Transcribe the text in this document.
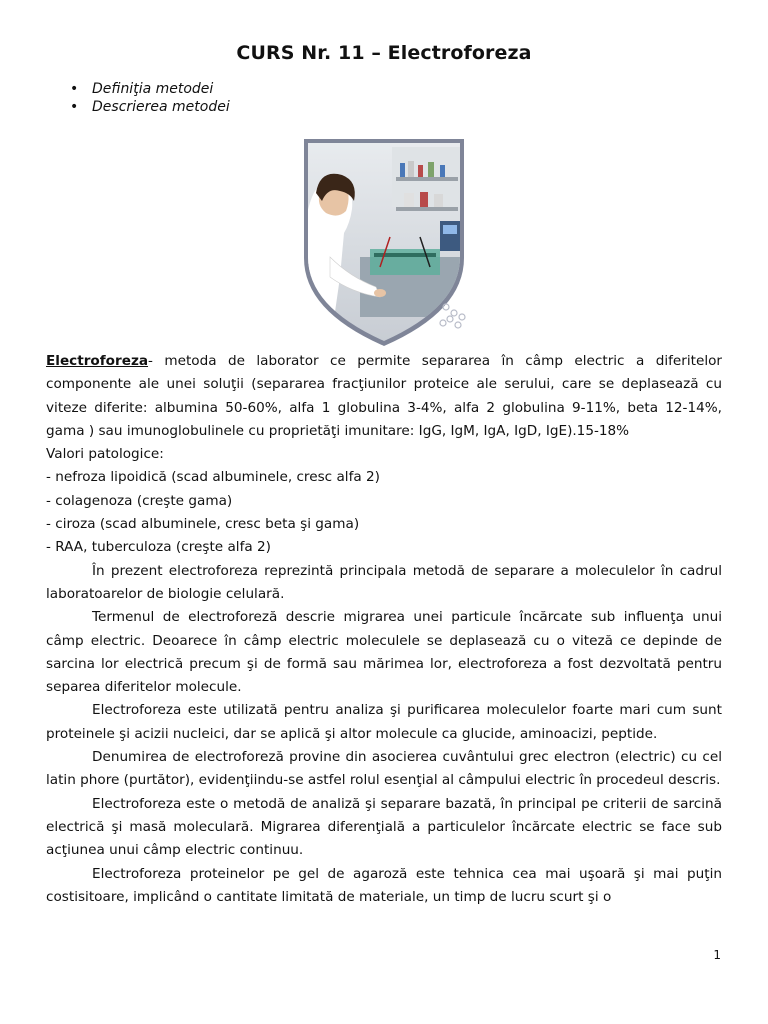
CURS Nr. 11 – Electroforeza
• Definiţia metodei
• Descrierea metodei

Electroforeza- metoda de laborator ce permite separarea în câmp electric a diferitelor componente ale unei soluţii (separarea fracţiunilor proteice ale serului, care se deplasează cu viteze diferite: albumina 50-60%, alfa 1 globulina 3-4%, alfa 2 globulina 9-11%, beta 12-14%, gama ) sau imunoglobulinele cu proprietăţi imunitare: IgG, IgM, IgA, IgD, IgE).15-18%

Valori patologice:

- nefroza lipoidică (scad albuminele, cresc alfa 2)

- colagenoza (creşte gama)

- ciroza (scad albuminele, cresc beta şi gama)

- RAA, tuberculoza (creşte alfa 2)

În prezent electroforeza reprezintă principala metodă de separare a moleculelor în cadrul laboratoarelor de biologie celulară.

Termenul de electroforeză descrie migrarea unei particule încărcate sub influenţa unui câmp electric. Deoarece în câmp electric moleculele se deplasează cu o viteză ce depinde de sarcina lor electrică precum şi de formă sau mărimea lor, electroforeza a fost dezvoltată pentru separea diferitelor molecule.

Electroforeza este utilizată pentru analiza şi purificarea moleculelor foarte mari cum sunt proteinele şi acizii nucleici, dar se aplică şi altor molecule ca glucide, aminoacizi, peptide.

Denumirea de electroforeză provine din asocierea cuvântului grec electron (electric) cu cel latin phore (purtător), evidenţiindu-se astfel rolul esenţial al câmpului electric în procedeul descris.

Electroforeza este o metodă de analiză şi separare bazată, în principal pe criterii de sarcină electrică şi masă moleculară. Migrarea diferenţială a particulelor încărcate electric se face sub acţiunea unui câmp electric continuu.

Electroforeza proteinelor pe gel de agaroză este tehnica cea mai uşoară şi mai puţin costisitoare, implicând o cantitate limitată de materiale, un timp de lucru scurt şi o

1
